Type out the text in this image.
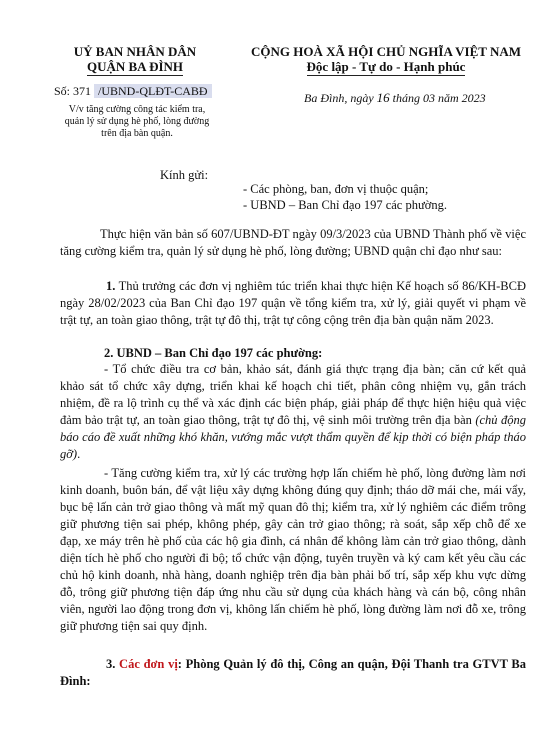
UỶ BAN NHÂN DÂN
QUẬN BA ĐÌNH
CỘNG HOÀ XÃ HỘI CHỦ NGHĨA VIỆT NAM
Độc lập - Tự do - Hạnh phúc
Số: 371 /UBND-QLĐT-CABĐ
V/v tăng cường công tác kiểm tra, quản lý sử dụng hè phố, lòng đường trên địa bàn quận.
Ba Đình, ngày 16 tháng 03 năm 2023
Kính gửi:
- Các phòng, ban, đơn vị thuộc quận;
- UBND – Ban Chỉ đạo 197 các phường.
Thực hiện văn bản số 607/UBND-ĐT ngày 09/3/2023 của UBND Thành phố về việc tăng cường kiểm tra, quản lý sử dụng hè phố, lòng đường; UBND quận chỉ đạo như sau:
1. Thủ trưởng các đơn vị nghiêm túc triển khai thực hiện Kế hoạch số 86/KH-BCĐ ngày 28/02/2023 của Ban Chỉ đạo 197 quận về tổng kiểm tra, xử lý, giải quyết vi phạm về trật tự, an toàn giao thông, trật tự đô thị, trật tự công cộng trên địa bàn quận năm 2023.
2. UBND – Ban Chỉ đạo 197 các phường:
- Tổ chức điều tra cơ bản, khảo sát, đánh giá thực trạng địa bàn; căn cứ kết quả khảo sát tổ chức xây dựng, triển khai kế hoạch chi tiết, phân công nhiệm vụ, gắn trách nhiệm, đề ra lộ trình cụ thể và xác định các biện pháp, giải pháp để thực hiện hiệu quả việc đảm bảo trật tự, an toàn giao thông, trật tự đô thị, vệ sinh môi trường trên địa bàn (chủ động báo cáo đề xuất những khó khăn, vướng mắc vượt thẩm quyền để kịp thời có biện pháp tháo gỡ).
- Tăng cường kiểm tra, xử lý các trường hợp lấn chiếm hè phố, lòng đường làm nơi kinh doanh, buôn bán, để vật liệu xây dựng không đúng quy định; tháo dỡ mái che, mái vẩy, bục bệ lấn cản trở giao thông và mất mỹ quan đô thị; kiểm tra, xử lý nghiêm các điểm trông giữ phương tiện sai phép, không phép, gây cản trở giao thông; rà soát, sắp xếp chỗ để xe đạp, xe máy trên hè phố của các hộ gia đình, cá nhân để không làm cản trở giao thông, dành diện tích hè phố cho người đi bộ; tổ chức vận động, tuyên truyền và ký cam kết yêu cầu các chủ hộ kinh doanh, nhà hàng, doanh nghiệp trên địa bàn phải bố trí, sắp xếp khu vực dừng đỗ, trông giữ phương tiện đáp ứng nhu cầu sử dụng của khách hàng và cán bộ, công nhân viên, người lao động trong đơn vị, không lấn chiếm hè phố, lòng đường làm nơi đỗ xe, trông giữ phương tiện sai quy định.
3. Các đơn vị: Phòng Quản lý đô thị, Công an quận, Đội Thanh tra GTVT Ba Đình:
